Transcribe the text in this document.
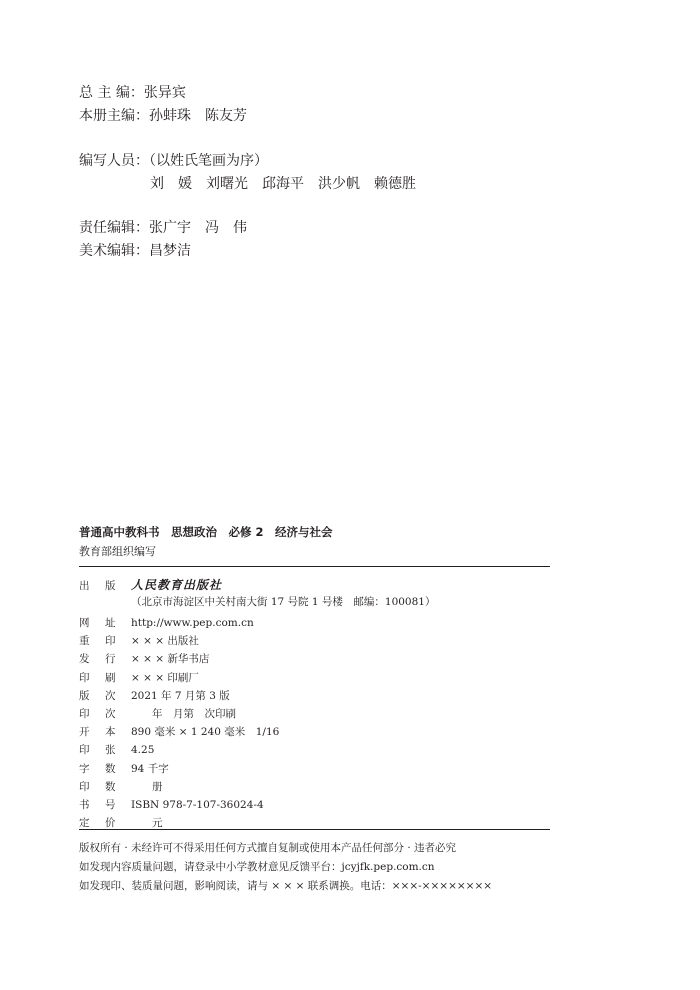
总 主 编：张异宾
本册主编：孙蚌珠　陈友芳
编写人员：（以姓氏笔画为序）
刘　媛　刘曙光　邱海平　洪少帆　赖德胜
责任编辑：张广宇　冯　伟
美术编辑：昌梦洁
普通高中教科书　思想政治　必修 2　经济与社会
教育部组织编写
出 版 人民教育出版社
（北京市海淀区中关村南大街 17 号院 1 号楼　邮编：100081）
网 址 http://www.pep.com.cn
重 印 × × × 出版社
发 行 × × × 新华书店
印 刷 × × × 印刷厂
版 次 2021 年 7 月第 3 版
印 次　　年　月第　次印刷
开 本 890 毫米 × 1 240 毫米　1/16
印 张 4.25
字 数 94 千字
印 数　　册
书 号 ISBN 978-7-107-36024-4
定 价　　元
版权所有 · 未经许可不得采用任何方式擅自复制或使用本产品任何部分 · 违者必究
如发现内容质量问题，请登录中小学教材意见反馈平台：jcyjfk.pep.com.cn
如发现印、装质量问题，影响阅读，请与 × × × 联系调换。电话：×××-××××××××
